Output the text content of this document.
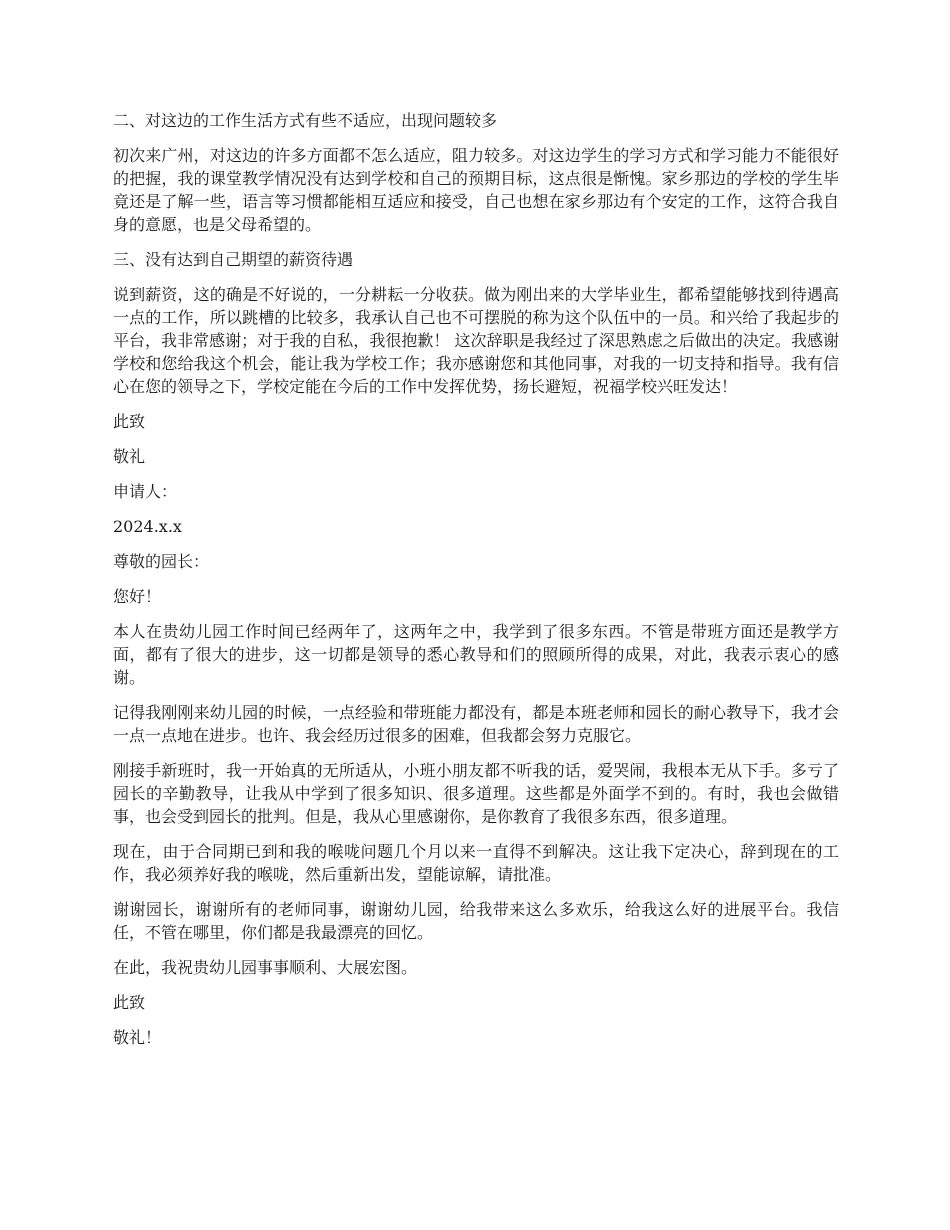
二、对这边的工作生活方式有些不适应，出现问题较多

初次来广州，对这边的许多方面都不怎么适应，阻力较多。对这边学生的学习方式和学习能力不能很好的把握，我的课堂教学情况没有达到学校和自己的预期目标，这点很是惭愧。家乡那边的学校的学生毕竟还是了解一些，语言等习惯都能相互适应和接受，自己也想在家乡那边有个安定的工作，这符合我自身的意愿，也是父母希望的。

三、没有达到自己期望的薪资待遇

说到薪资，这的确是不好说的，一分耕耘一分收获。做为刚出来的大学毕业生，都希望能够找到待遇高一点的工作，所以跳槽的比较多，我承认自己也不可摆脱的称为这个队伍中的一员。和兴给了我起步的平台，我非常感谢；对于我的自私，我很抱歉！ 这次辞职是我经过了深思熟虑之后做出的决定。我感谢学校和您给我这个机会，能让我为学校工作；我亦感谢您和其他同事，对我的一切支持和指导。我有信心在您的领导之下，学校定能在今后的工作中发挥优势，扬长避短，祝福学校兴旺发达！

此致

敬礼

申请人：

2024.x.x

尊敬的园长：

您好！

本人在贵幼儿园工作时间已经两年了，这两年之中，我学到了很多东西。不管是带班方面还是教学方面，都有了很大的进步，这一切都是领导的悉心教导和们的照顾所得的成果，对此，我表示衷心的感谢。

记得我刚刚来幼儿园的时候，一点经验和带班能力都没有，都是本班老师和园长的耐心教导下，我才会一点一点地在进步。也许、我会经历过很多的困难，但我都会努力克服它。

刚接手新班时，我一开始真的无所适从，小班小朋友都不听我的话，爱哭闹，我根本无从下手。多亏了园长的辛勤教导，让我从中学到了很多知识、很多道理。这些都是外面学不到的。有时，我也会做错事，也会受到园长的批判。但是，我从心里感谢你，是你教育了我很多东西，很多道理。

现在，由于合同期已到和我的喉咙问题几个月以来一直得不到解决。这让我下定决心，辞到现在的工作，我必须养好我的喉咙，然后重新出发，望能谅解，请批准。

谢谢园长，谢谢所有的老师同事，谢谢幼儿园，给我带来这么多欢乐，给我这么好的进展平台。我信任，不管在哪里，你们都是我最漂亮的回忆。

在此，我祝贵幼儿园事事顺利、大展宏图。

此致

敬礼！
